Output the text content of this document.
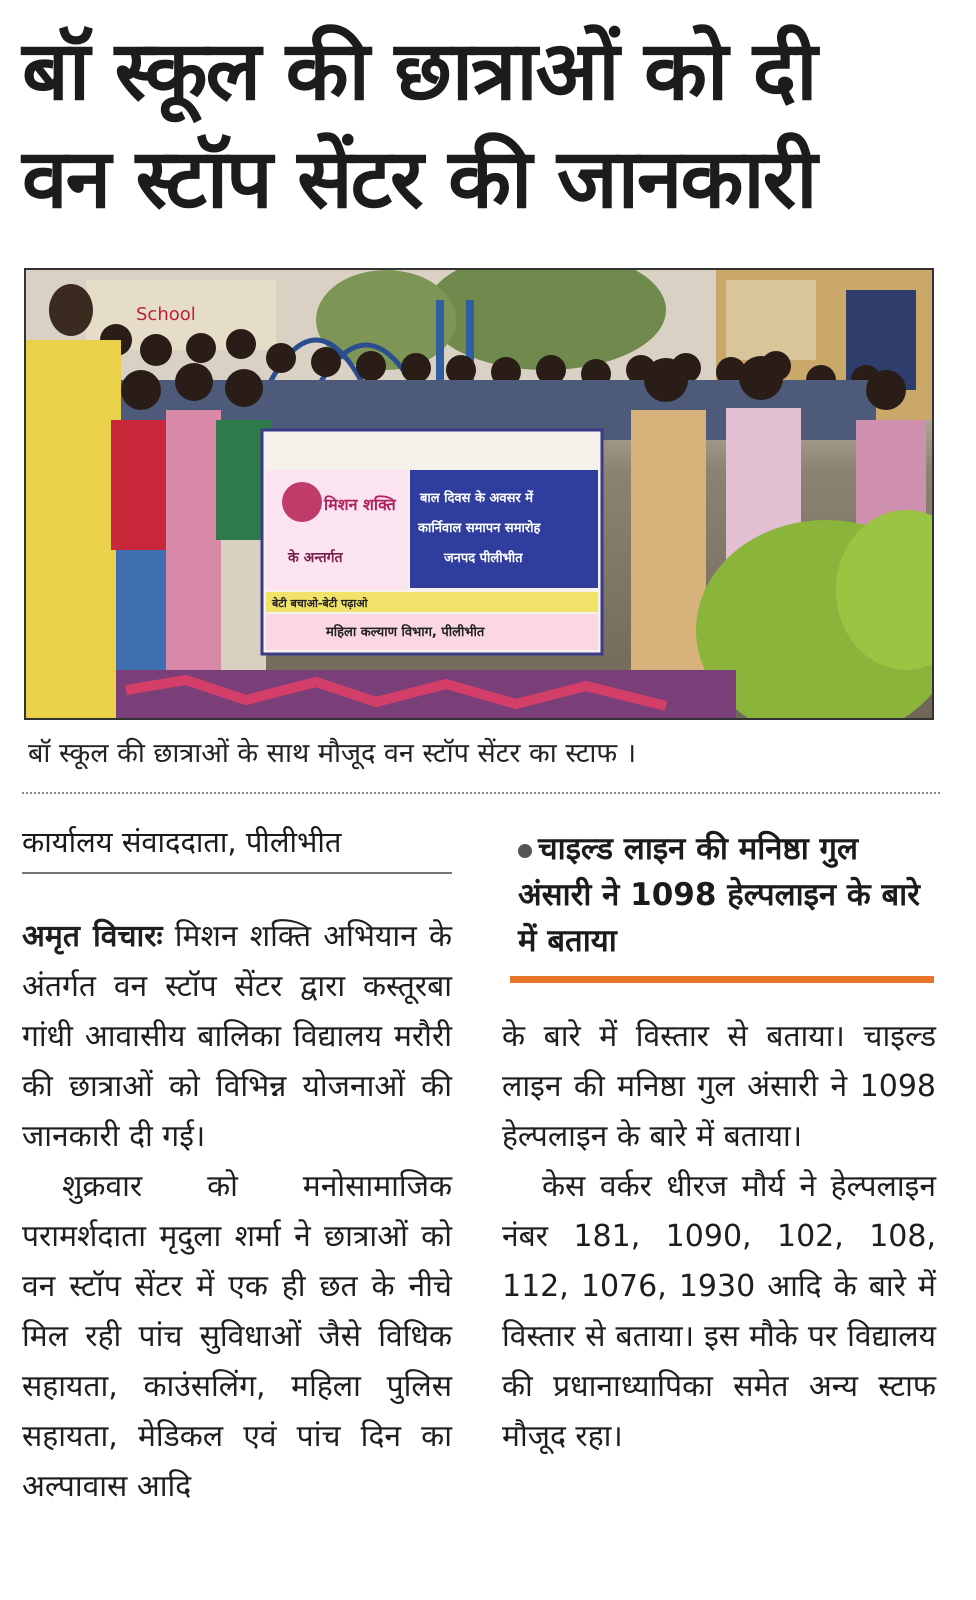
बॉ स्कूल की छात्राओं को दी
वन स्टॉप सेंटर की जानकारी
School
मिशन शक्ति
के अन्तर्गत
बाल दिवस के अवसर में
कार्निवाल समापन समारोह
जनपद पीलीभीत
बेटी बचाओ-बेटी पढ़ाओ
महिला कल्याण विभाग, पीलीभीत
बॉ स्कूल की छात्राओं के साथ मौजूद वन स्टॉप सेंटर का स्टाफ ।
कार्यालय संवाददाता, पीलीभीत	चाइल्ड लाइन की मनिष्ठा गुल अंसारी ने 1098 हेल्पलाइन के बारे में बताया

अमृत विचारः मिशन शक्ति अभियान के अंतर्गत वन स्टॉप सेंटर द्वारा कस्तूरबा गांधी आवासीय बालिका विद्यालय मरौरी की छात्राओं को विभिन्न योजनाओं की जानकारी दी गई।

शुक्रवार को मनोसामाजिक परामर्शदाता मृदुला शर्मा ने छात्राओं को वन स्टॉप सेंटर में एक ही छत के नीचे मिल रही पांच सुविधाओं जैसे विधिक सहायता, काउंसलिंग, महिला पुलिस सहायता, मेडिकल एवं पांच दिन का अल्पावास आदि

के बारे में विस्तार से बताया। चाइल्ड लाइन की मनिष्ठा गुल अंसारी ने 1098 हेल्पलाइन के बारे में बताया।

केस वर्कर धीरज मौर्य ने हेल्पलाइन नंबर 181, 1090, 102, 108, 112, 1076, 1930 आदि के बारे में विस्तार से बताया। इस मौके पर विद्यालय की प्रधानाध्यापिका समेत अन्य स्टाफ मौजूद रहा।
